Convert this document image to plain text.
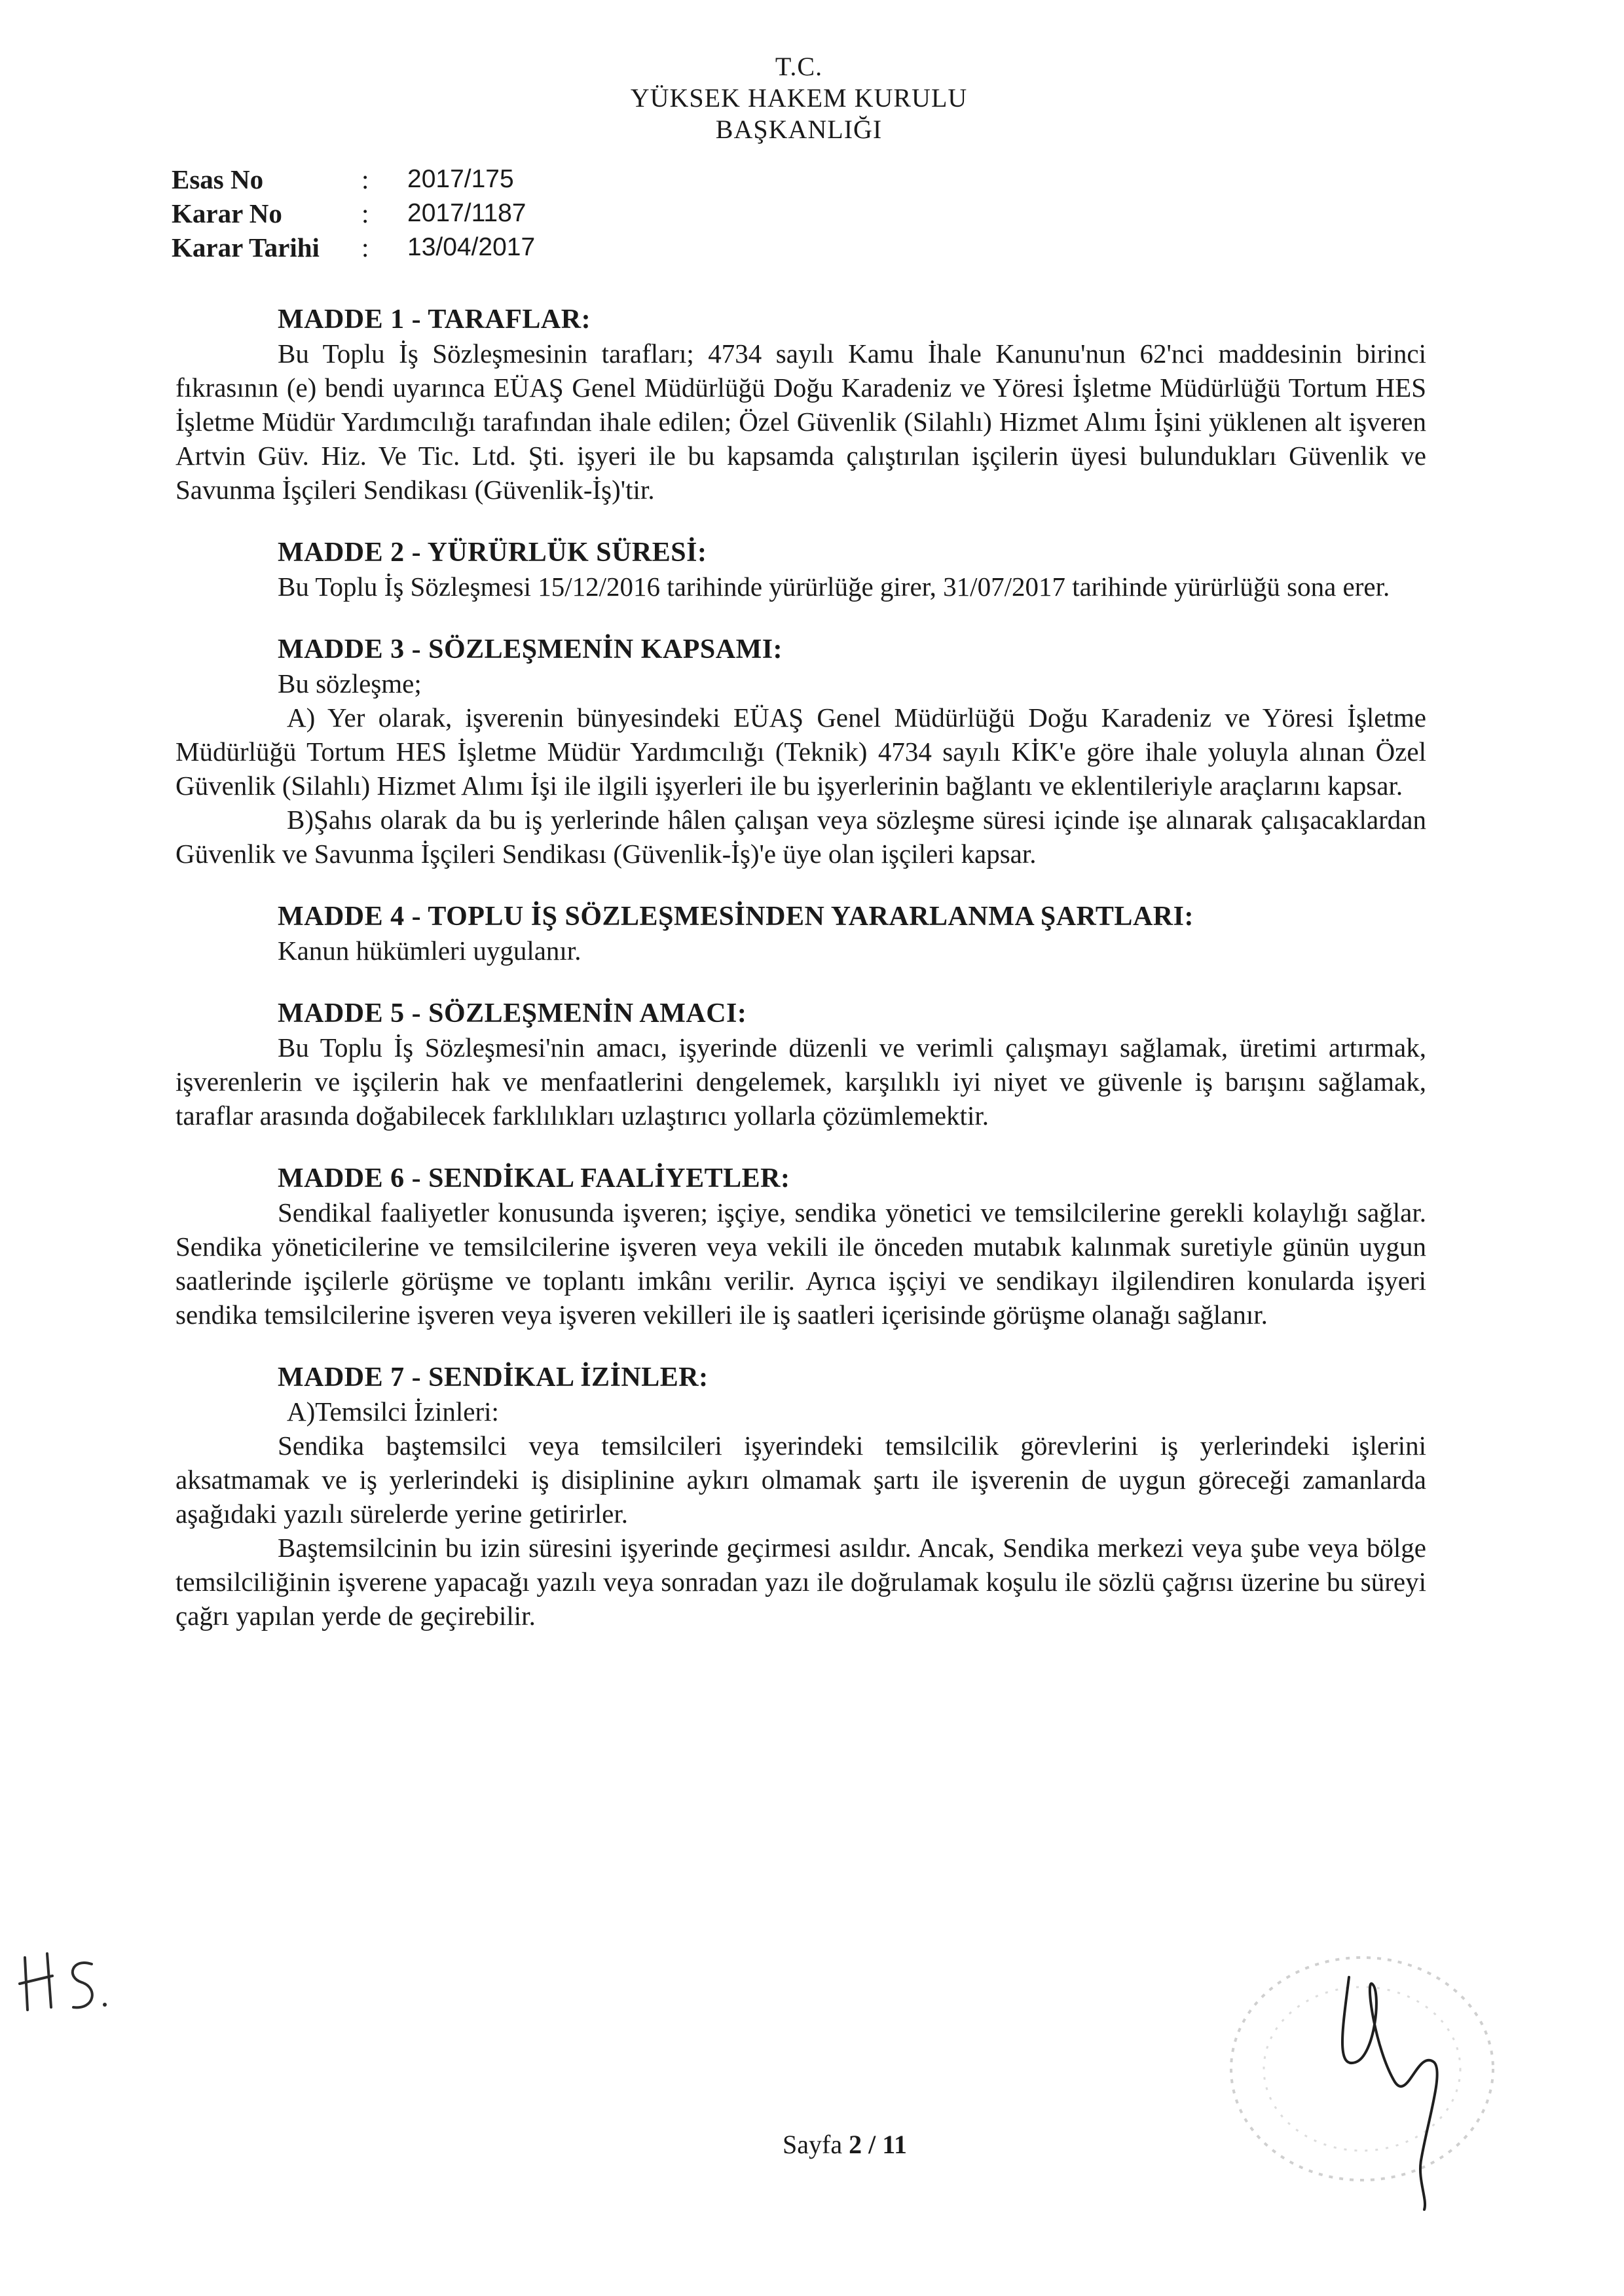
T.C.
YÜKSEK HAKEM KURULU
BAŞKANLIĞI
Esas No	:	2017/175
Karar No	:	2017/1187
Karar Tarihi	:	13/04/2017
MADDE 1 - TARAFLAR:

Bu Toplu İş Sözleşmesinin tarafları; 4734 sayılı Kamu İhale Kanunu'nun 62'nci maddesinin birinci fıkrasının (e) bendi uyarınca EÜAŞ Genel Müdürlüğü Doğu Karadeniz ve Yöresi İşletme Müdürlüğü Tortum HES İşletme Müdür Yardımcılığı tarafından ihale edilen; Özel Güvenlik (Silahlı) Hizmet Alımı İşini yüklenen alt işveren Artvin Güv. Hiz. Ve Tic. Ltd. Şti. işyeri ile bu kapsamda çalıştırılan işçilerin üyesi bulundukları Güvenlik ve Savunma İşçileri Sendikası (Güvenlik-İş)'tir.

MADDE 2 - YÜRÜRLÜK SÜRESİ:

Bu Toplu İş Sözleşmesi 15/12/2016 tarihinde yürürlüğe girer, 31/07/2017 tarihinde yürürlüğü sona erer.

MADDE 3 - SÖZLEŞMENİN KAPSAMI:

Bu sözleşme;

A) Yer olarak, işverenin bünyesindeki EÜAŞ Genel Müdürlüğü Doğu Karadeniz ve Yöresi İşletme Müdürlüğü Tortum HES İşletme Müdür Yardımcılığı (Teknik) 4734 sayılı KİK'e göre ihale yoluyla alınan Özel Güvenlik (Silahlı) Hizmet Alımı İşi ile ilgili işyerleri ile bu işyerlerinin bağlantı ve eklentileriyle araçlarını kapsar.

B)Şahıs olarak da bu iş yerlerinde hâlen çalışan veya sözleşme süresi içinde işe alınarak çalışacaklardan Güvenlik ve Savunma İşçileri Sendikası (Güvenlik-İş)'e üye olan işçileri kapsar.

MADDE 4 - TOPLU İŞ SÖZLEŞMESİNDEN YARARLANMA ŞARTLARI:

Kanun hükümleri uygulanır.

MADDE 5 - SÖZLEŞMENİN AMACI:

Bu Toplu İş Sözleşmesi'nin amacı, işyerinde düzenli ve verimli çalışmayı sağlamak, üretimi artırmak, işverenlerin ve işçilerin hak ve menfaatlerini dengelemek, karşılıklı iyi niyet ve güvenle iş barışını sağlamak, taraflar arasında doğabilecek farklılıkları uzlaştırıcı yollarla çözümlemektir.

MADDE 6 - SENDİKAL FAALİYETLER:

Sendikal faaliyetler konusunda işveren; işçiye, sendika yönetici ve temsilcilerine gerekli kolaylığı sağlar. Sendika yöneticilerine ve temsilcilerine işveren veya vekili ile önceden mutabık kalınmak suretiyle günün uygun saatlerinde işçilerle görüşme ve toplantı imkânı verilir. Ayrıca işçiyi ve sendikayı ilgilendiren konularda işyeri sendika temsilcilerine işveren veya işveren vekilleri ile iş saatleri içerisinde görüşme olanağı sağlanır.

MADDE 7 - SENDİKAL İZİNLER:

A)Temsilci İzinleri:

Sendika baştemsilci veya temsilcileri işyerindeki temsilcilik görevlerini iş yerlerindeki işlerini aksatmamak ve iş yerlerindeki iş disiplinine aykırı olmamak şartı ile işverenin de uygun göreceği zamanlarda aşağıdaki yazılı sürelerde yerine getirirler.

Baştemsilcinin bu izin süresini işyerinde geçirmesi asıldır. Ancak, Sendika merkezi veya şube veya bölge temsilciliğinin işverene yapacağı yazılı veya sonradan yazı ile doğrulamak koşulu ile sözlü çağrısı üzerine bu süreyi çağrı yapılan yerde de geçirebilir.

Sayfa 2 / 11
